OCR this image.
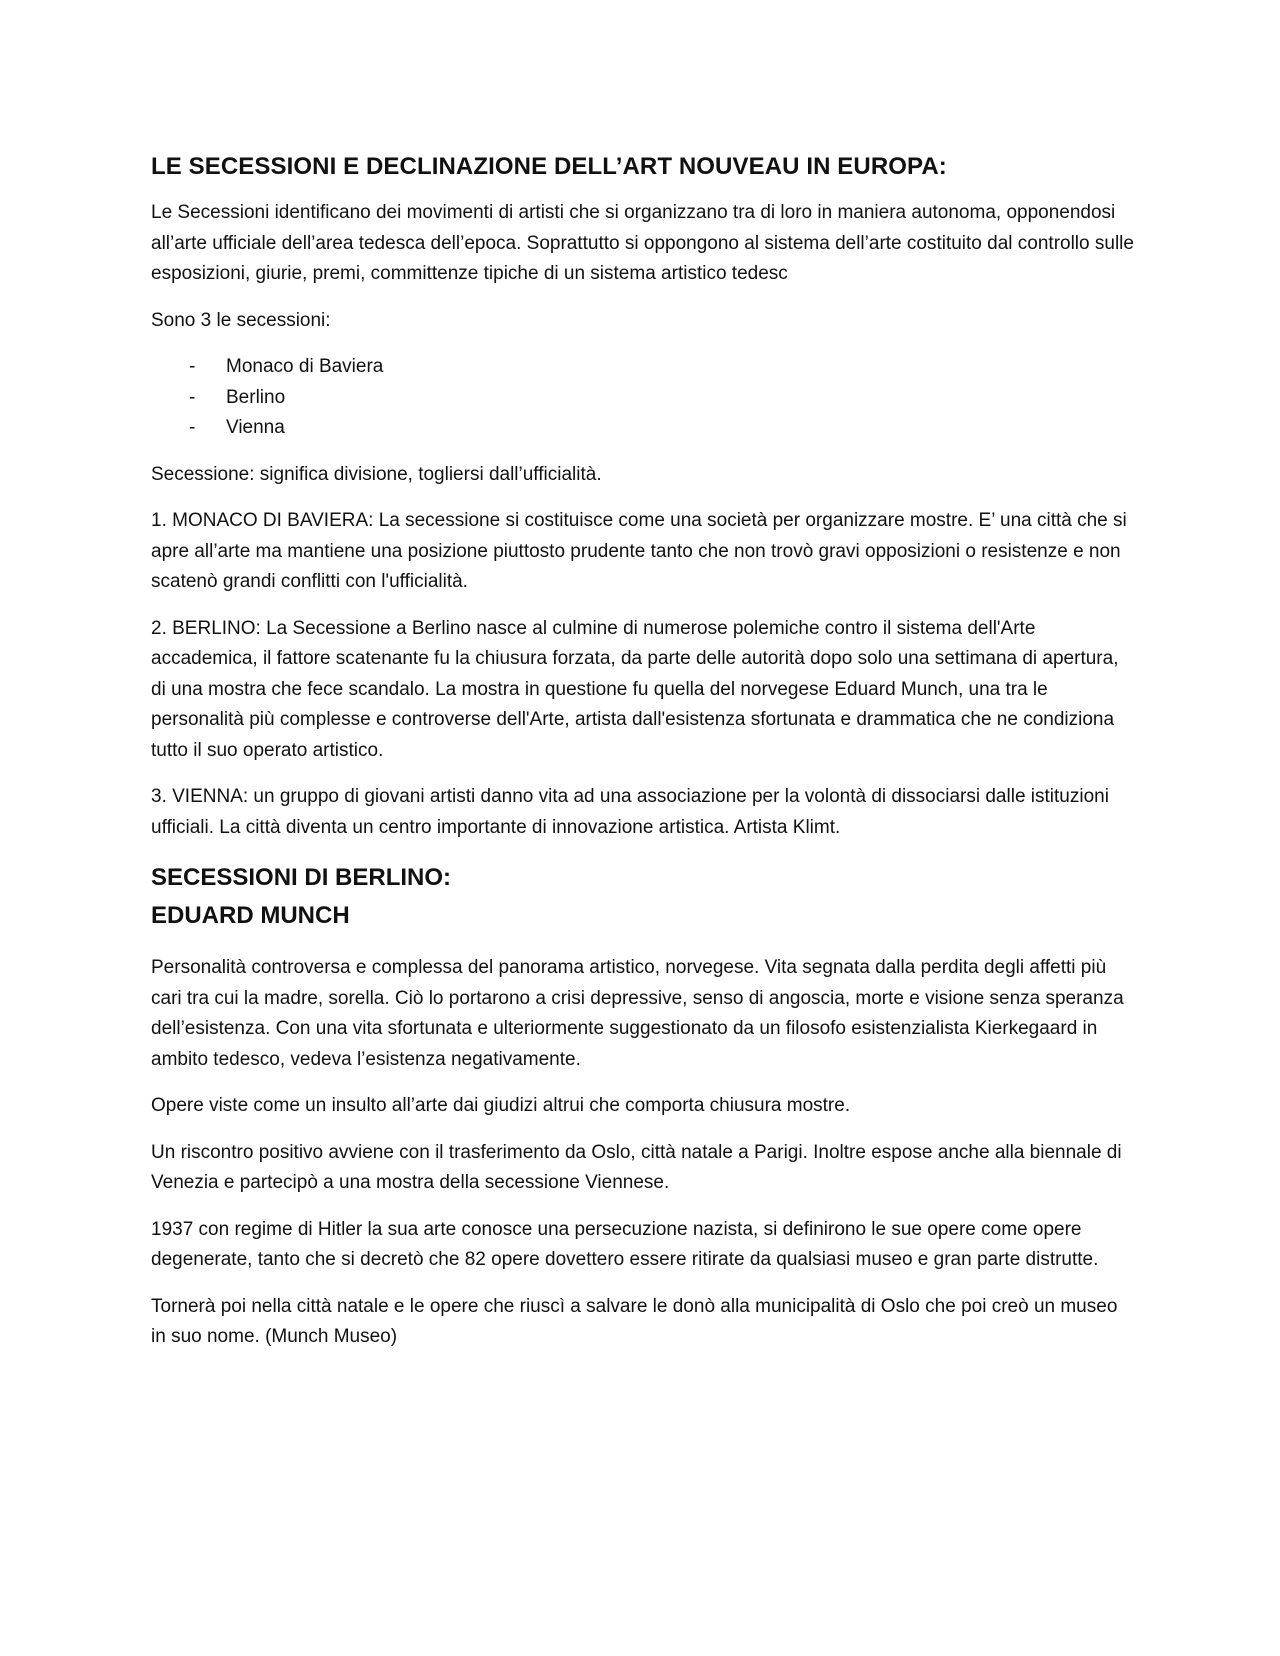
LE SECESSIONI E DECLINAZIONE DELL’ART NOUVEAU IN EUROPA:

Le Secessioni identificano dei movimenti di artisti che si organizzano tra di loro in maniera autonoma, opponendosi all’arte ufficiale dell’area tedesca dell’epoca. Soprattutto si oppongono al sistema dell’arte costituito dal controllo sulle esposizioni, giurie, premi, committenze tipiche di un sistema artistico tedesc

Sono 3 le secessioni:

- Monaco di Baviera
- Berlino
- Vienna

Secessione: significa divisione, togliersi dall’ufficialità.

1. MONACO DI BAVIERA: La secessione si costituisce come una società per organizzare mostre. E’ una città che si apre all’arte ma mantiene una posizione piuttosto prudente tanto che non trovò gravi opposizioni o resistenze e non scatenò grandi conflitti con l'ufficialità.

2. BERLINO: La Secessione a Berlino nasce al culmine di numerose polemiche contro il sistema dell'Arte accademica, il fattore scatenante fu la chiusura forzata, da parte delle autorità dopo solo una settimana di apertura, di una mostra che fece scandalo. La mostra in questione fu quella del norvegese Eduard Munch, una tra le personalità più complesse e controverse dell'Arte, artista dall'esistenza sfortunata e drammatica che ne condiziona tutto il suo operato artistico.

3. VIENNA: un gruppo di giovani artisti danno vita ad una associazione per la volontà di dissociarsi dalle istituzioni ufficiali. La città diventa un centro importante di innovazione artistica. Artista Klimt.

SECESSIONI DI BERLINO:
EDUARD MUNCH

Personalità controversa e complessa del panorama artistico, norvegese. Vita segnata dalla perdita degli affetti più cari tra cui la madre, sorella. Ciò lo portarono a crisi depressive, senso di angoscia, morte e visione senza speranza dell’esistenza. Con una vita sfortunata e ulteriormente suggestionato da un filosofo esistenzialista Kierkegaard in ambito tedesco, vedeva l’esistenza negativamente.

Opere viste come un insulto all’arte dai giudizi altrui che comporta chiusura mostre.

Un riscontro positivo avviene con il trasferimento da Oslo, città natale a Parigi. Inoltre espose anche alla biennale di Venezia e partecipò a una mostra della secessione Viennese.

1937 con regime di Hitler la sua arte conosce una persecuzione nazista, si definirono le sue opere come opere degenerate, tanto che si decretò che 82 opere dovettero essere ritirate da qualsiasi museo e gran parte distrutte.

Tornerà poi nella città natale e le opere che riuscì a salvare le donò alla municipalità di Oslo che poi creò un museo in suo nome. (Munch Museo)
